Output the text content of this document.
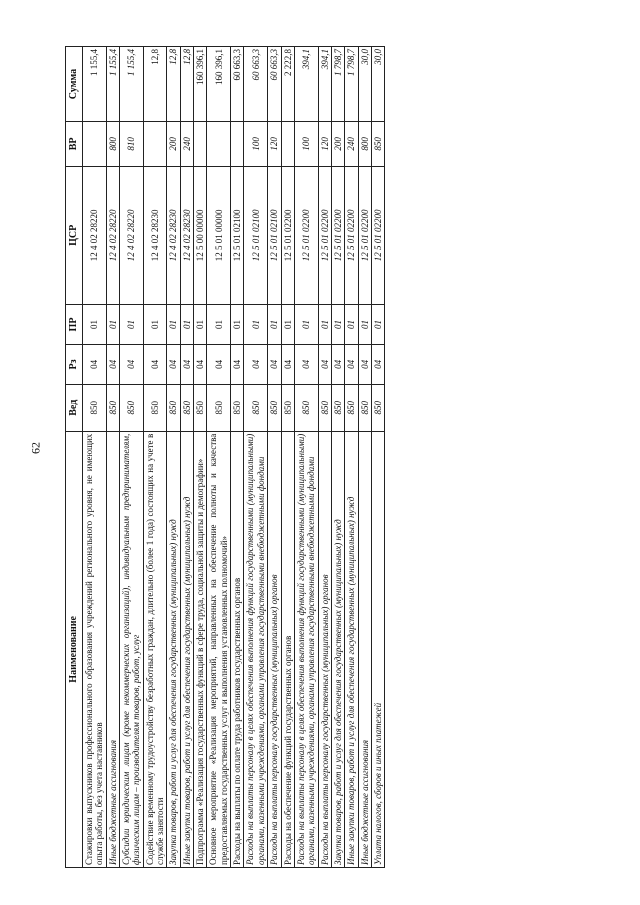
62
Наименование	Вед	Рз	ПР	ЦСР	ВР	Сумма
Стажировки выпускников профессионального образования учреждений регионального уровня, не имеющих опыта работы, без учета наставников	850	04	01	12 4 02 28220		1 155,4
Иные бюджетные ассигнования	850	04	01	12 4 02 28220	800	1 155,4
Субсидии юридическим лицам (кроме некоммерческих организаций), индивидуальным предпринимателям, физическим лицам – производителям товаров, работ, услуг	850	04	01	12 4 02 28220	810	1 155,4
Содействие временному трудоустройству безработных граждан, длительно (более 1 года) состоящих на учете в службе занятости	850	04	01	12 4 02 28230		12,8
Закупка товаров, работ и услуг для обеспечения государственных (муниципальных) нужд	850	04	01	12 4 02 28230	200	12,8
Иные закупки товаров, работ и услуг для обеспечения государственных (муниципальных) нужд	850	04	01	12 4 02 28230	240	12,8
Подпрограмма «Реализация государственных функций в сфере труда, социальной защиты и демографии»	850	04	01	12 5 00 00000		160 396,1
Основное мероприятие «Реализация мероприятий, направленных на обеспечение полноты и качества предоставляемых государственных услуг и выполнения установленных полномочий»	850	04	01	12 5 01 00000		160 396,1
Расходы на выплаты по оплате труда работников государственных органов	850	04	01	12 5 01 02100		60 663,3
Расходы на выплаты персоналу в целях обеспечения выполнения функций государственными (муниципальными) органами, казенными учреждениями, органами управления государственными внебюджетными фондами	850	04	01	12 5 01 02100	100	60 663,3
Расходы на выплаты персоналу государственных (муниципальных) органов	850	04	01	12 5 01 02100	120	60 663,3
Расходы на обеспечение функций государственных органов	850	04	01	12 5 01 02200		2 222,8
Расходы на выплаты персоналу в целях обеспечения выполнения функций государственными (муниципальными) органами, казенными учреждениями, органами управления государственными внебюджетными фондами	850	04	01	12 5 01 02200	100	394,1
Расходы на выплаты персоналу государственных (муниципальных) органов	850	04	01	12 5 01 02200	120	394,1
Закупка товаров, работ и услуг для обеспечения государственных (муниципальных) нужд	850	04	01	12 5 01 02200	200	1 798,7
Иные закупки товаров, работ и услуг для обеспечения государственных (муниципальных) нужд	850	04	01	12 5 01 02200	240	1 798,7
Иные бюджетные ассигнования	850	04	01	12 5 01 02200	800	30,0
Уплата налогов, сборов и иных платежей	850	04	01	12 5 01 02200	850	30,0
